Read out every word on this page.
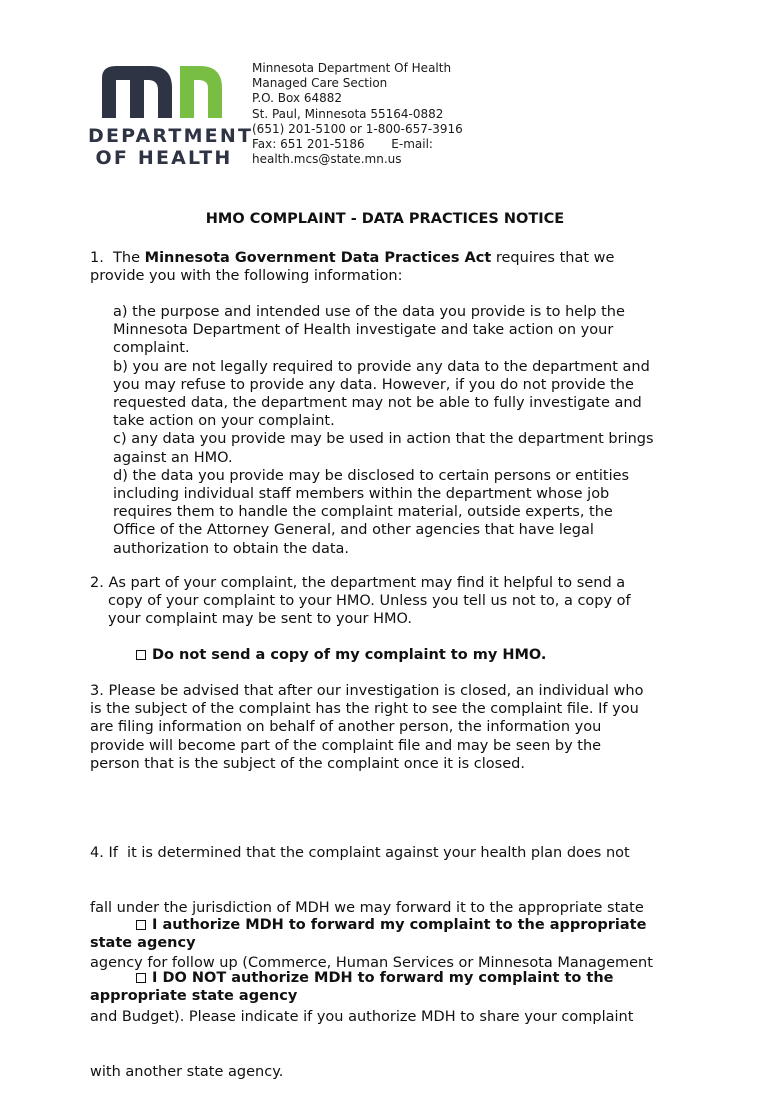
DEPARTMENT
OF HEALTH
Minnesota Department Of Health
Managed Care Section
P.O. Box 64882
St. Paul, Minnesota 55164-0882
(651) 201-5100 or 1-800-657-3916
Fax: 651 201-5186       E-mail:
health.mcs@state.mn.us
HMO COMPLAINT - DATA PRACTICES NOTICE
1.  The Minnesota Government Data Practices Act requires that we
provide you with the following information:
a) the purpose and intended use of the data you provide is to help the
Minnesota Department of Health investigate and take action on your
complaint.
b) you are not legally required to provide any data to the department and
you may refuse to provide any data. However, if you do not provide the
requested data, the department may not be able to fully investigate and
take action on your complaint.
c) any data you provide may be used in action that the department brings
against an HMO.
d) the data you provide may be disclosed to certain persons or entities
including individual staff members within the department whose job
requires them to handle the complaint material, outside experts, the
Office of the Attorney General, and other agencies that have legal
authorization to obtain the data.
2. As part of your complaint, the department may find it helpful to send a
copy of your complaint to your HMO. Unless you tell us not to, a copy of
your complaint may be sent to your HMO.
Do not send a copy of my complaint to my HMO.
3. Please be advised that after our investigation is closed, an individual who
is the subject of the complaint has the right to see the complaint file. If you
are filing information on behalf of another person, the information you
provide will become part of the complaint file and may be seen by the
person that is the subject of the complaint once it is closed.

4. If  it is determined that the complaint against your health plan does not

fall under the jurisdiction of MDH we may forward it to the appropriate state

agency for follow up (Commerce, Human Services or Minnesota Management

and Budget). Please indicate if you authorize MDH to share your complaint

with another state agency.

I authorize MDH to forward my complaint to the appropriate
state agency
I DO NOT authorize MDH to forward my complaint to the
appropriate state agency
